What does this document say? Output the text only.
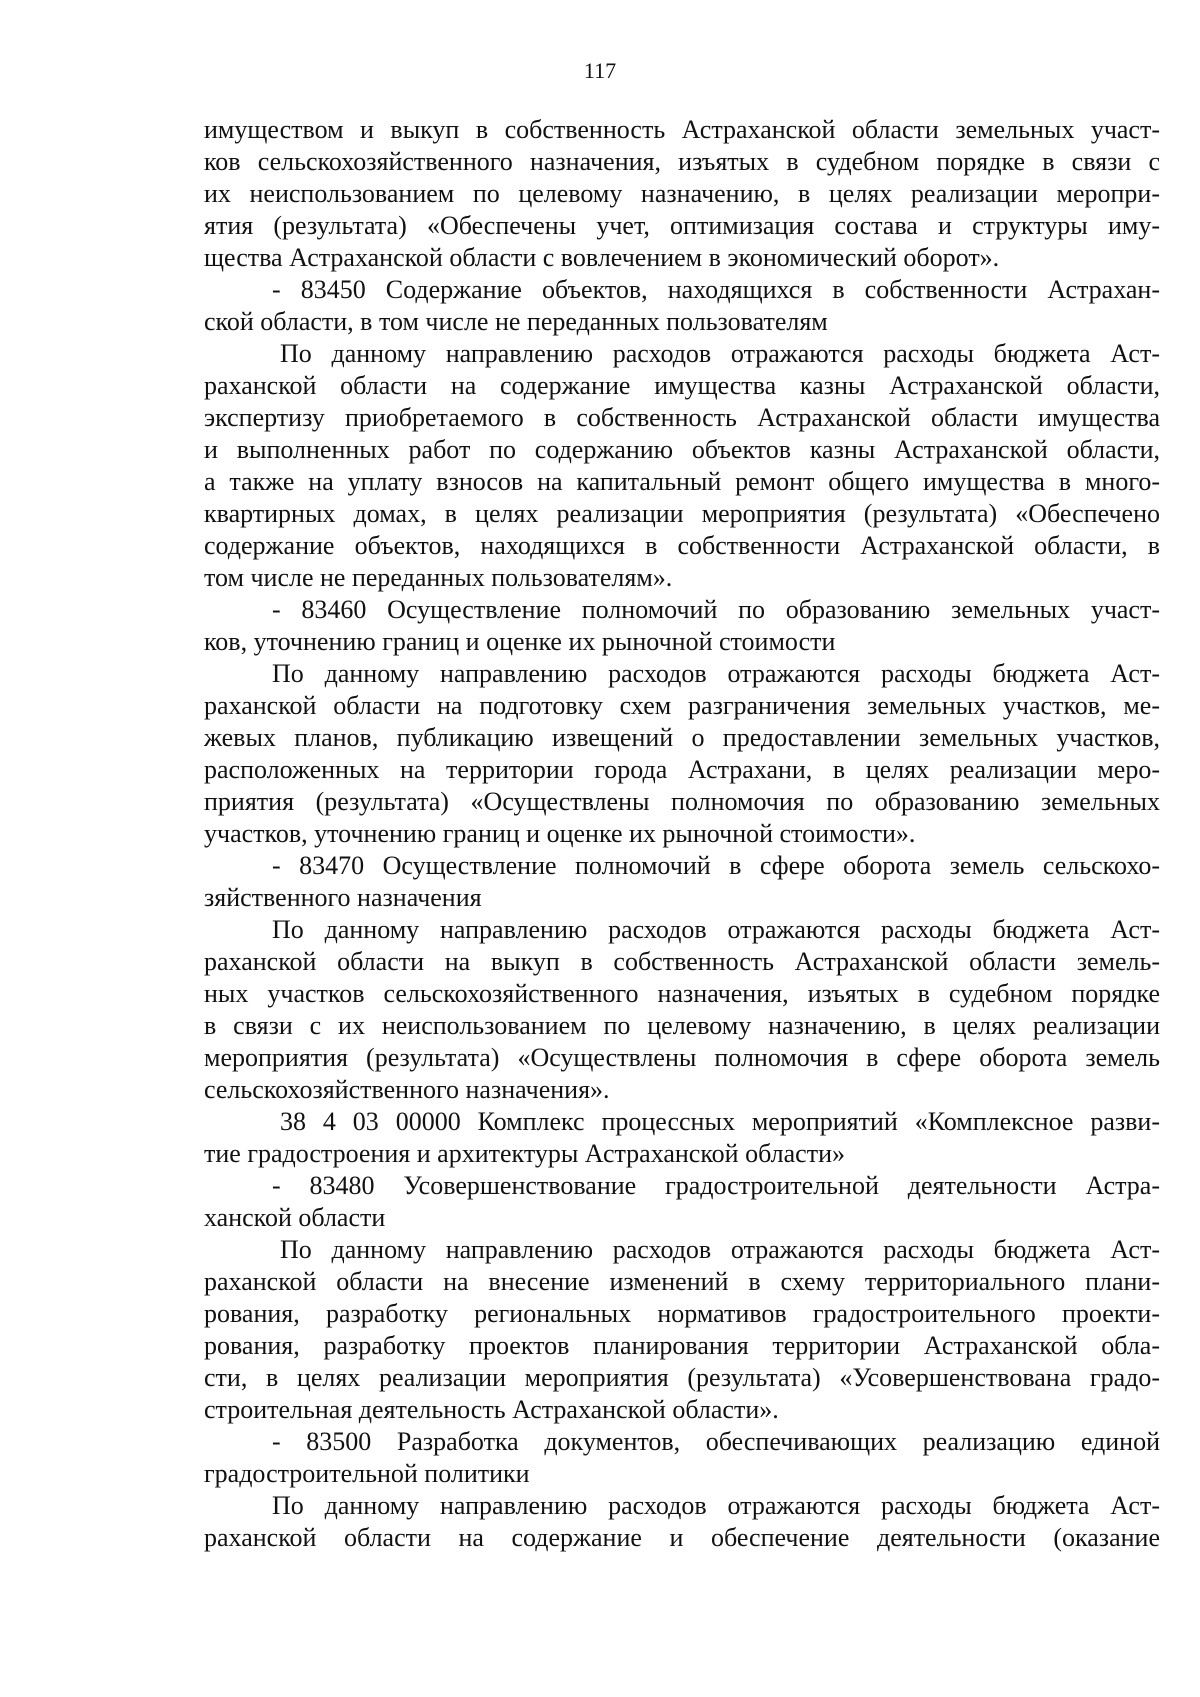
117
имуществом и выкуп в собственность Астраханской области земельных участ-
ков сельскохозяйственного назначения, изъятых в судебном порядке в связи с
их неиспользованием по целевому назначению, в целях реализации меропри-
ятия (результата) «Обеспечены учет, оптимизация состава и структуры иму-
щества Астраханской области с вовлечением в экономический оборот».
- 83450 Содержание объектов, находящихся в собственности Астрахан-
ской области, в том числе не переданных пользователям
По данному направлению расходов отражаются расходы бюджета Аст-
раханской области на содержание имущества казны Астраханской области,
экспертизу приобретаемого в собственность Астраханской области имущества
и выполненных работ по содержанию объектов казны Астраханской области,
а также на уплату взносов на капитальный ремонт общего имущества в много-
квартирных домах, в целях реализации мероприятия (результата) «Обеспечено
содержание объектов, находящихся в собственности Астраханской области, в
том числе не переданных пользователям».
- 83460 Осуществление полномочий по образованию земельных участ-
ков, уточнению границ и оценке их рыночной стоимости
По данному направлению расходов отражаются расходы бюджета Аст-
раханской области на подготовку схем разграничения земельных участков, ме-
жевых планов, публикацию извещений о предоставлении земельных участков,
расположенных на территории города Астрахани, в целях реализации меро-
приятия (результата) «Осуществлены полномочия по образованию земельных
участков, уточнению границ и оценке их рыночной стоимости».
- 83470 Осуществление полномочий в сфере оборота земель сельскохо-
зяйственного назначения
По данному направлению расходов отражаются расходы бюджета Аст-
раханской области на выкуп в собственность Астраханской области земель-
ных участков сельскохозяйственного назначения, изъятых в судебном порядке
в связи с их неиспользованием по целевому назначению, в целях реализации
мероприятия (результата) «Осуществлены полномочия в сфере оборота земель
сельскохозяйственного назначения».
38 4 03 00000 Комплекс процессных мероприятий «Комплексное разви-
тие градостроения и архитектуры Астраханской области»
- 83480 Усовершенствование градостроительной деятельности Астра-
ханской области
По данному направлению расходов отражаются расходы бюджета Аст-
раханской области на внесение изменений в схему территориального плани-
рования, разработку региональных нормативов градостроительного проекти-
рования, разработку проектов планирования территории Астраханской обла-
сти, в целях реализации мероприятия (результата) «Усовершенствована градо-
строительная деятельность Астраханской области».
- 83500 Разработка документов, обеспечивающих реализацию единой
градостроительной политики
По данному направлению расходов отражаются расходы бюджета Аст-
раханской области на содержание и обеспечение деятельности (оказание
